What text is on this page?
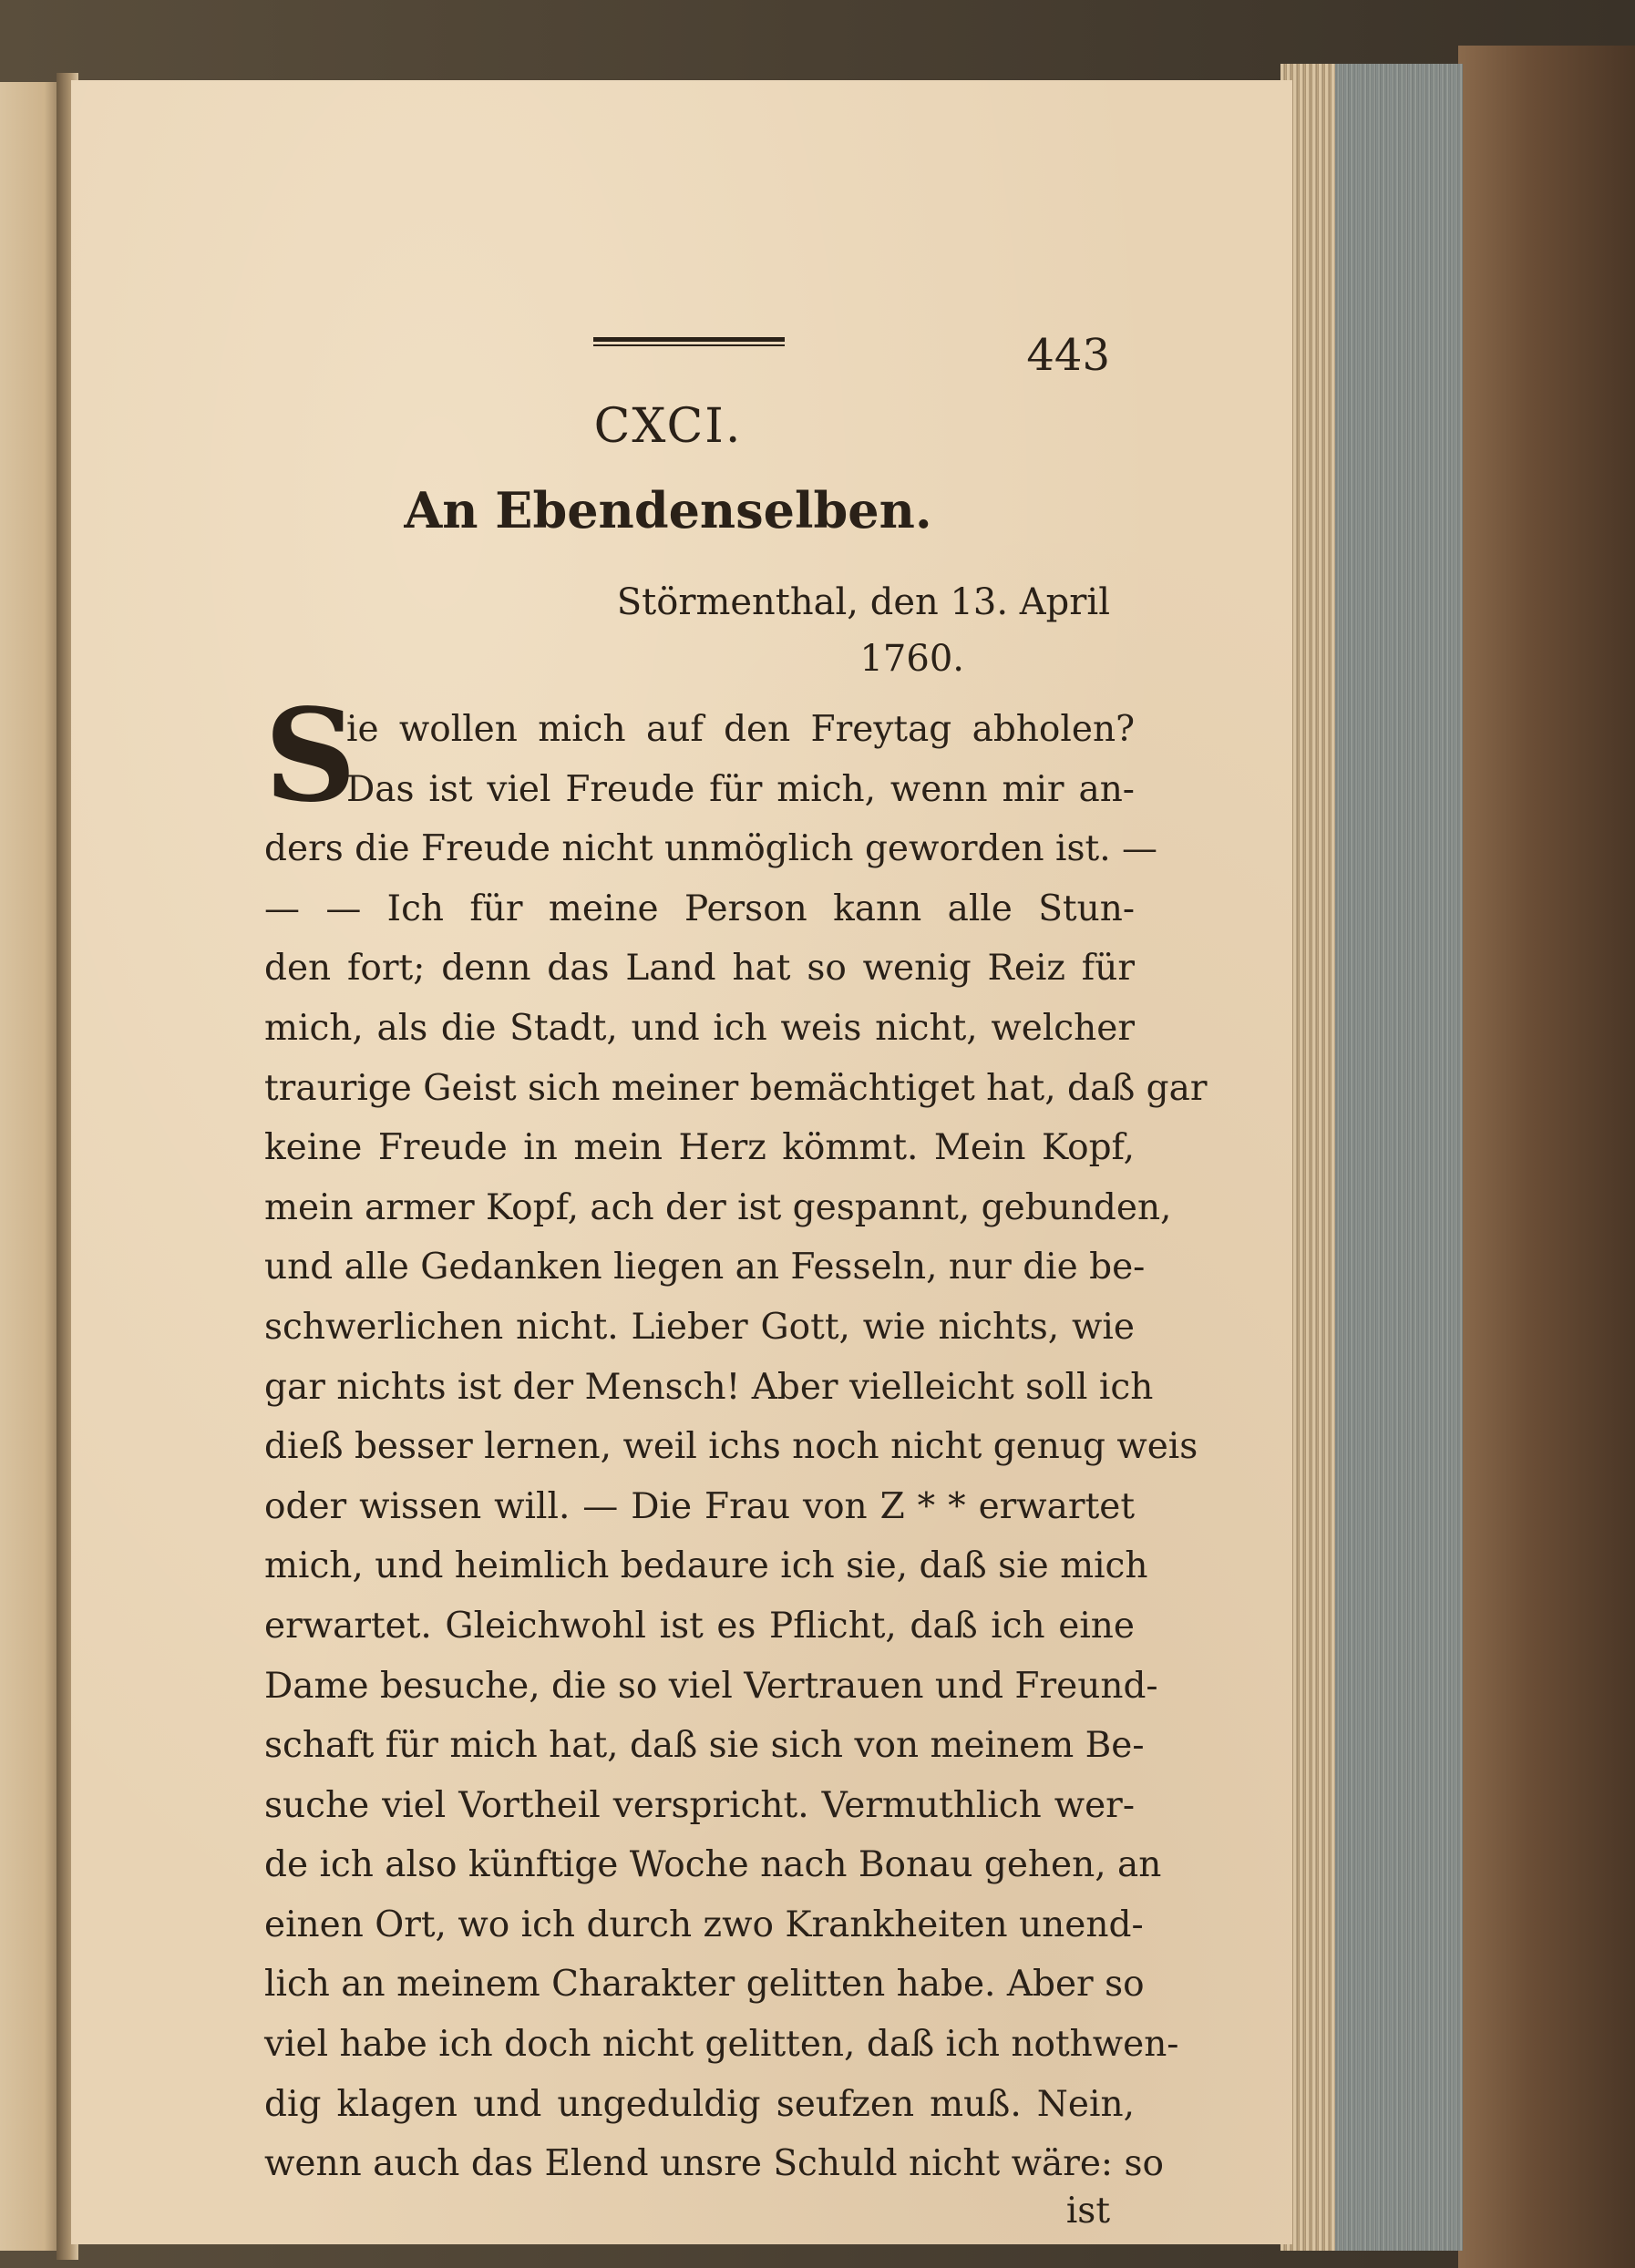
443
CXCI.
An Ebendenselben.
Störmenthal, den 13. April
1760.
S
ie wollen mich auf den Freytag abholen?
Das ist viel Freude für mich, wenn mir an-
ders die Freude nicht unmöglich geworden ist. —
— — Ich für meine Person kann alle Stun-
den fort; denn das Land hat so wenig Reiz für
mich, als die Stadt, und ich weis nicht, welcher
traurige Geist sich meiner bemächtiget hat, daß gar
keine Freude in mein Herz kömmt. Mein Kopf,
mein armer Kopf, ach der ist gespannt, gebunden,
und alle Gedanken liegen an Fesseln, nur die be-
schwerlichen nicht. Lieber Gott, wie nichts, wie
gar nichts ist der Mensch! Aber vielleicht soll ich
dieß besser lernen, weil ichs noch nicht genug weis
oder wissen will. — Die Frau von Z * * erwartet
mich, und heimlich bedaure ich sie, daß sie mich
erwartet. Gleichwohl ist es Pflicht, daß ich eine
Dame besuche, die so viel Vertrauen und Freund-
schaft für mich hat, daß sie sich von meinem Be-
suche viel Vortheil verspricht. Vermuthlich wer-
de ich also künftige Woche nach Bonau gehen, an
einen Ort, wo ich durch zwo Krankheiten unend-
lich an meinem Charakter gelitten habe. Aber so
viel habe ich doch nicht gelitten, daß ich nothwen-
dig klagen und ungeduldig seufzen muß. Nein,
wenn auch das Elend unsre Schuld nicht wäre: so
ist
